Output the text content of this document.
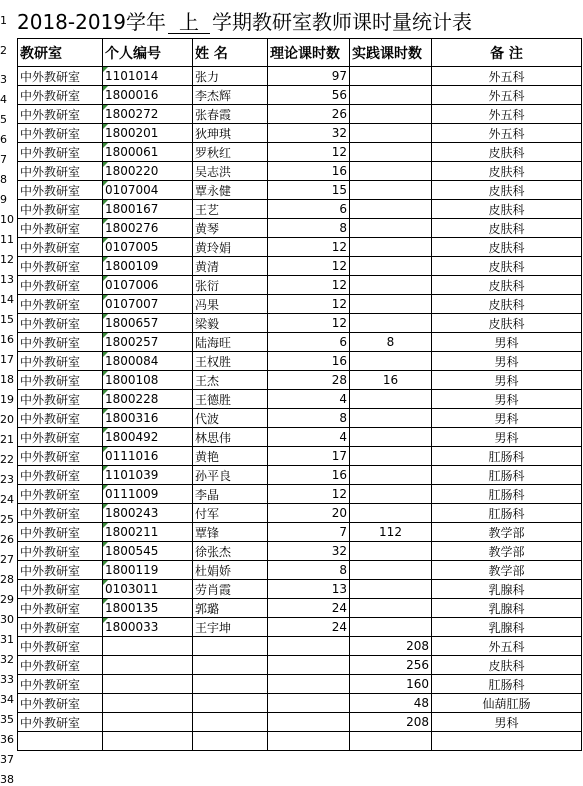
1
2
3
4
5
6
7
8
9
10
11
12
13
14
15
16
17
18
19
20
21
22
23
24
25
26
27
28
29
30
31
32
33
34
35
36
37
38
2018-2019学年 上 学期教研室教师课时量统计表
教研室	个人编号	姓 名	理论课时数	实践课时数	备 注
中外教研室	1101014	张力	97		外五科
中外教研室	1800016	李杰辉	56		外五科
中外教研室	1800272	张春霞	26		外五科
中外教研室	1800201	狄珅琪	32		外五科
中外教研室	1800061	罗秋红	12		皮肤科
中外教研室	1800220	吴志洪	16		皮肤科
中外教研室	0107004	覃永健	15		皮肤科
中外教研室	1800167	王艺	6		皮肤科
中外教研室	1800276	黄琴	8		皮肤科
中外教研室	0107005	黄玲娟	12		皮肤科
中外教研室	1800109	黄清	12		皮肤科
中外教研室	0107006	张衍	12		皮肤科
中外教研室	0107007	冯果	12		皮肤科
中外教研室	1800657	梁毅	12		皮肤科
中外教研室	1800257	陆海旺	6	8	男科
中外教研室	1800084	王权胜	16		男科
中外教研室	1800108	王杰	28	16	男科
中外教研室	1800228	王德胜	4		男科
中外教研室	1800316	代波	8		男科
中外教研室	1800492	林思伟	4		男科
中外教研室	0111016	黄艳	17		肛肠科
中外教研室	1101039	孙平良	16		肛肠科
中外教研室	0111009	李晶	12		肛肠科
中外教研室	1800243	付军	20		肛肠科
中外教研室	1800211	覃锋	7	112	教学部
中外教研室	1800545	徐张杰	32		教学部
中外教研室	1800119	杜娟娇	8		教学部
中外教研室	0103011	劳肖霞	13		乳腺科
中外教研室	1800135	郭璐	24		乳腺科
中外教研室	1800033	王宇坤	24		乳腺科
中外教研室				208	外五科
中外教研室				256	皮肤科
中外教研室				160	肛肠科
中外教研室				48	仙葫肛肠
中外教研室				208	男科
